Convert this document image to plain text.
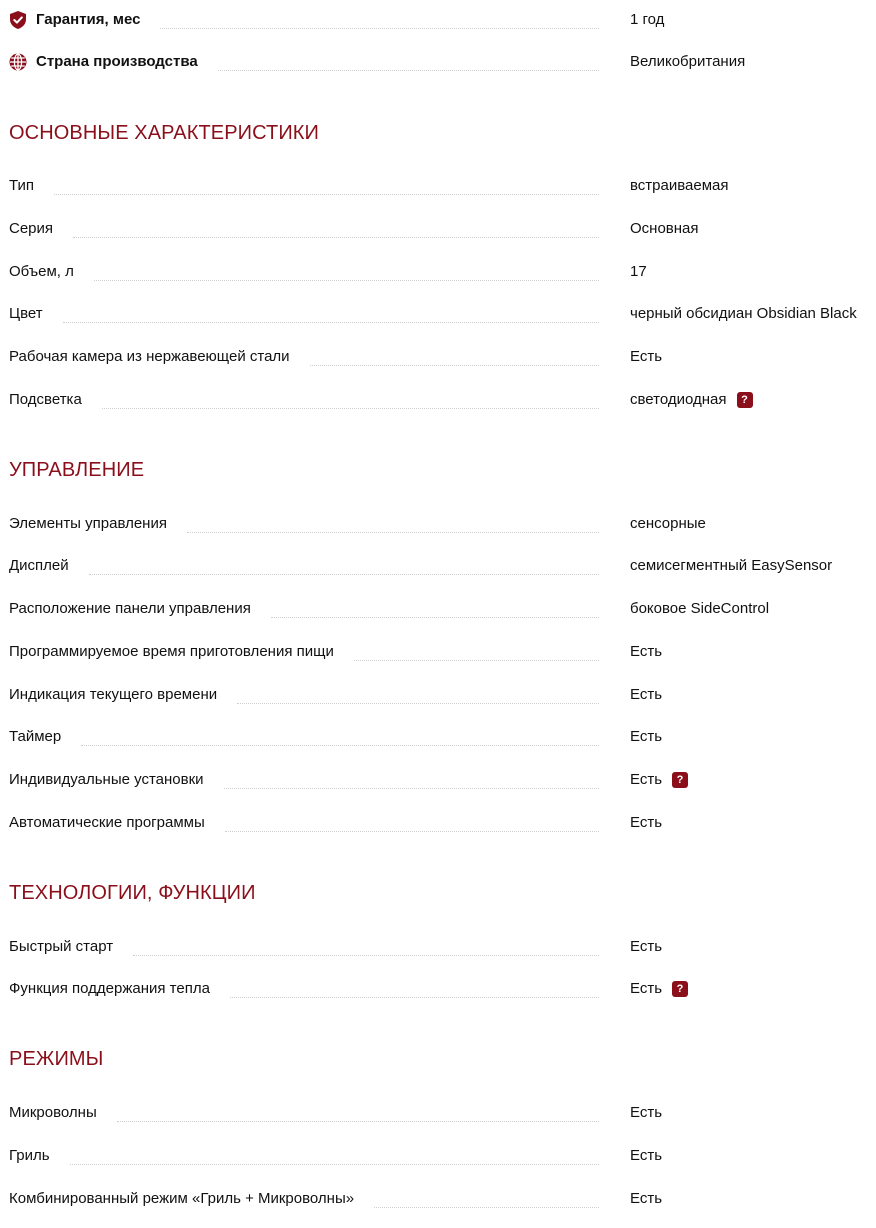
Гарантия, мес	1 год
Страна производства	Великобритания
ОСНОВНЫЕ ХАРАКТЕРИСТИКИ
Тип	встраиваемая
Серия	Основная
Объем, л	17
Цвет	черный обсидиан Obsidian Black
Рабочая камера из нержавеющей стали	Есть
Подсветка	светодиодная	?
УПРАВЛЕНИЕ
Элементы управления	сенсорные
Дисплей	семисегментный EasySensor
Расположение панели управления	боковое SideControl
Программируемое время приготовления пищи	Есть
Индикация текущего времени	Есть
Таймер	Есть
Индивидуальные установки	Есть	?
Автоматические программы	Есть
ТЕХНОЛОГИИ, ФУНКЦИИ
Быстрый старт	Есть
Функция поддержания тепла	Есть	?
РЕЖИМЫ
Микроволны	Есть
Гриль	Есть
Комбинированный режим «Гриль + Микроволны»	Есть
